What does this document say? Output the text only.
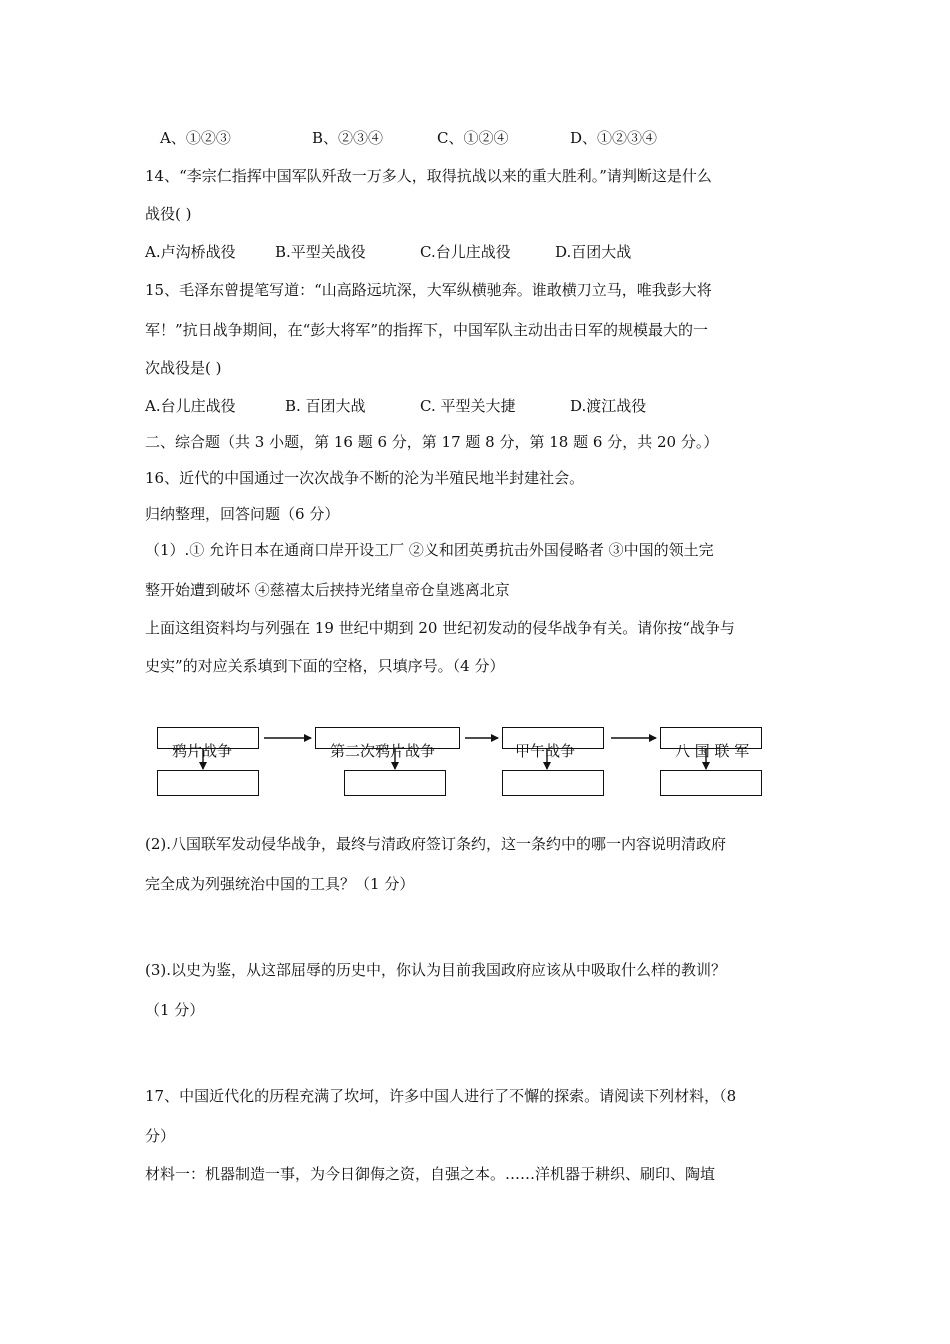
A、①②③	B、②③④	C、①②④	D、①②③④
14、“李宗仁指挥中国军队歼敌一万多人，取得抗战以来的重大胜利。”请判断这是什么
战役( )
A.卢沟桥战役	B.平型关战役	C.台儿庄战役	D.百团大战
15、毛泽东曾提笔写道：“山高路远坑深，大军纵横驰奔。谁敢横刀立马，唯我彭大将
军！”抗日战争期间，在“彭大将军”的指挥下，中国军队主动出击日军的规模最大的一
次战役是( )
A.台儿庄战役	B. 百团大战	C. 平型关大捷	D.渡江战役
二、综合题（共 3 小题，第 16 题 6 分，第 17 题 8 分，第 18 题 6 分，共 20 分。）
16、近代的中国通过一次次战争不断的沦为半殖民地半封建社会。
归纳整理，回答问题（6 分）
（1）.① 允许日本在通商口岸开设工厂 ②义和团英勇抗击外国侵略者 ③中国的领土完
整开始遭到破坏 ④慈禧太后挟持光绪皇帝仓皇逃离北京
上面这组资料均与列强在 19 世纪中期到 20 世纪初发动的侵华战争有关。请你按“战争与
史实”的对应关系填到下面的空格，只填序号。（4 分）
鸦片战争	第二次鸦片战争	甲午战争	八 国 联 军
(2).八国联军发动侵华战争，最终与清政府签订条约，这一条约中的哪一内容说明清政府
完全成为列强统治中国的工具？（1 分）
(3).以史为鉴，从这部屈辱的历史中，你认为目前我国政府应该从中吸取什么样的教训？
（1 分）
17、中国近代化的历程充满了坎坷，许多中国人进行了不懈的探索。请阅读下列材料，（8
分）
材料一：机器制造一事，为今日御侮之资，自强之本。……洋机器于耕织、刷印、陶埴
